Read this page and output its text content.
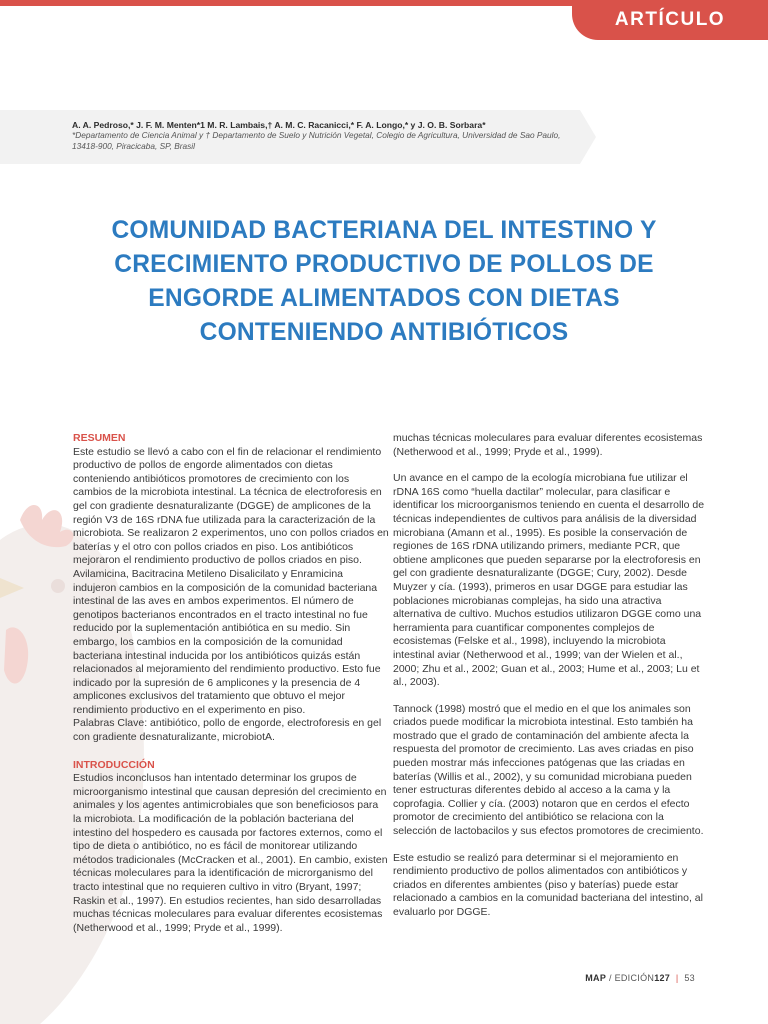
ARTÍCULO
A. A. Pedroso,* J. F. M. Menten*1 M. R. Lambais,† A. M. C. Racanicci,* F. A. Longo,* y J. O. B. Sorbara*
*Departamento de Ciencia Animal y † Departamento de Suelo y Nutrición Vegetal, Colegio de Agricultura, Universidad de Sao Paulo, 13418-900, Piracicaba, SP, Brasil
COMUNIDAD BACTERIANA DEL INTESTINO Y CRECIMIENTO PRODUCTIVO DE POLLOS DE ENGORDE ALIMENTADOS CON DIETAS CONTENIENDO ANTIBIÓTICOS
RESUMEN

Este estudio se llevó a cabo con el fin de relacionar el rendimiento productivo de pollos de engorde alimentados con dietas conteniendo antibióticos promotores de crecimiento con los cambios de la microbiota intestinal. La técnica de electroforesis en gel con gradiente desnaturalizante (DGGE) de amplicones de la región V3 de 16S rDNA fue utilizada para la caracterización de la microbiota. Se realizaron 2 experimentos, uno con pollos criados en baterías y el otro con pollos criados en piso. Los antibióticos mejoraron el rendimiento productivo de pollos criados en piso. Avilamicina, Bacitracina Metileno Disalicilato y Enramicina indujeron cambios en la composición de la comunidad bacteriana intestinal de las aves en ambos experimentos. El número de genotipos bacterianos encontrados en el tracto intestinal no fue reducido por la suplementación antibiótica en su medio. Sin embargo, los cambios en la composición de la comunidad bacteriana intestinal inducida por los antibióticos quizás están relacionados al mejoramiento del rendimiento productivo. Esto fue indicado por la supresión de 6 amplicones y la presencia de 4 amplicones exclusivos del tratamiento que obtuvo el mejor rendimiento productivo en el experimento en piso.

Palabras Clave: antibiótico, pollo de engorde, electroforesis en gel con gradiente desnaturalizante, microbiotA.

INTRODUCCIÓN

Estudios inconclusos han intentado determinar los grupos de microorganismo intestinal que causan depresión del crecimiento en animales y los agentes antimicrobiales que son beneficiosos para la microbiota. La modificación de la población bacteriana del intestino del hospedero es causada por factores externos, como el tipo de dieta o antibiótico, no es fácil de monitorear utilizando métodos tradicionales (McCracken et al., 2001). En cambio, existen técnicas moleculares para la identificación de microrganismo del tracto intestinal que no requieren cultivo in vitro (Bryant, 1997; Raskin et al., 1997). En estudios recientes, han sido desarrolladas muchas técnicas moleculares para evaluar diferentes ecosistemas (Netherwood et al., 1999; Pryde et al., 1999).

muchas técnicas moleculares para evaluar diferentes ecosistemas (Netherwood et al., 1999; Pryde et al., 1999).

Un avance en el campo de la ecología microbiana fue utilizar el rDNA 16S como “huella dactilar” molecular, para clasificar e identificar los microorganismos teniendo en cuenta el desarrollo de técnicas independientes de cultivos para análisis de la diversidad microbiana (Amann et al., 1995). Es posible la conservación de regiones de 16S rDNA utilizando primers, mediante PCR, que obtiene amplicones que pueden separarse por la electroforesis en gel con gradiente desnaturalizante (DGGE; Cury, 2002). Desde Muyzer y cía. (1993), primeros en usar DGGE para estudiar las poblaciones microbianas complejas, ha sido una atractiva alternativa de cultivo. Muchos estudios utilizaron DGGE como una herramienta para cuantificar componentes complejos de ecosistemas (Felske et al., 1998), incluyendo la microbiota intestinal aviar (Netherwood et al., 1999; van der Wielen et al., 2000; Zhu et al., 2002; Guan et al., 2003; Hume et al., 2003; Lu et al., 2003).

Tannock (1998) mostró que el medio en el que los animales son criados puede modificar la microbiota intestinal. Esto también ha mostrado que el grado de contaminación del ambiente afecta la respuesta del promotor de crecimiento. Las aves criadas en piso pueden mostrar más infecciones patógenas que las criadas en baterías (Willis et al., 2002), y su comunidad microbiana pueden tener estructuras diferentes debido al acceso a la cama y la coprofagia. Collier y cía. (2003) notaron que en cerdos el efecto promotor de crecimiento del antibiótico se relaciona con la selección de lactobacilos y sus efectos promotores de crecimiento.

Este estudio se realizó para determinar si el mejoramiento en rendimiento productivo de pollos alimentados con antibióticos y criados en diferentes ambientes (piso y baterías) puede estar relacionado a cambios en la comunidad bacteriana del intestino, al evaluarlo por DGGE.

MAP / EDICIÓN127 | 53
